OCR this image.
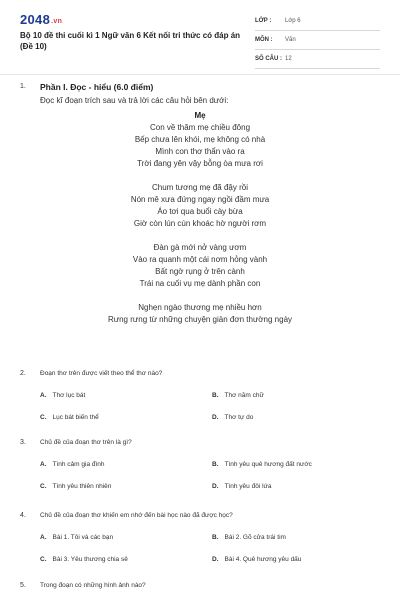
2048.vn
Bộ 10 đề thi cuối kì 1 Ngữ văn 6 Kết nối tri thức có đáp án (Đề 10)
LỚP :	Lớp 6
MÔN :	Văn
SỐ CÂU : 12
1. Phần I. Đọc - hiểu (6.0 điểm)
Đọc kĩ đoạn trích sau và trả lời các câu hỏi bên dưới:
Mẹ
Con về thăm mẹ chiều đông
Bếp chưa lên khói, mẹ không có nhà
Mình con thơ thẩn vào ra
Trời đang yên vậy bỗng òa mưa rơi
Chum tương mẹ đã đậy rồi
Nón mê xưa đứng ngay ngồi đầm mưa
Áo tơi qua buổi cày bừa
Giờ còn lún cún khoác hờ người rơm
Đàn gà mới nở vàng ươm
Vào ra quanh một cái nơm hỏng vành
Bất ngờ rụng ở trên cành
Trái na cuối vụ mẹ dành phần con
Nghẹn ngào thương mẹ nhiều hơn
Rưng rưng từ những chuyện giản đơn thường ngày
2. Đoạn thơ trên được viết theo thể thơ nào?
A. Thơ lục bát	B. Thơ năm chữ
C. Lục bát biến thể	D. Thơ tự do
3. Chủ đề của đoạn thơ trên là gì?
A. Tình cảm gia đình	B. Tình yêu quê hương đất nước
C. Tình yêu thiên nhiên	D. Tình yêu đôi lứa
4. Chủ đề của đoạn thơ khiến em nhớ đến bài học nào đã được học?
A. Bài 1. Tôi và các bạn	B. Bài 2. Gõ cửa trái tim
C. Bài 3. Yêu thương chia sẻ	D. Bài 4. Quê hương yêu dấu
5. Trong đoạn có những hình ảnh nào?
